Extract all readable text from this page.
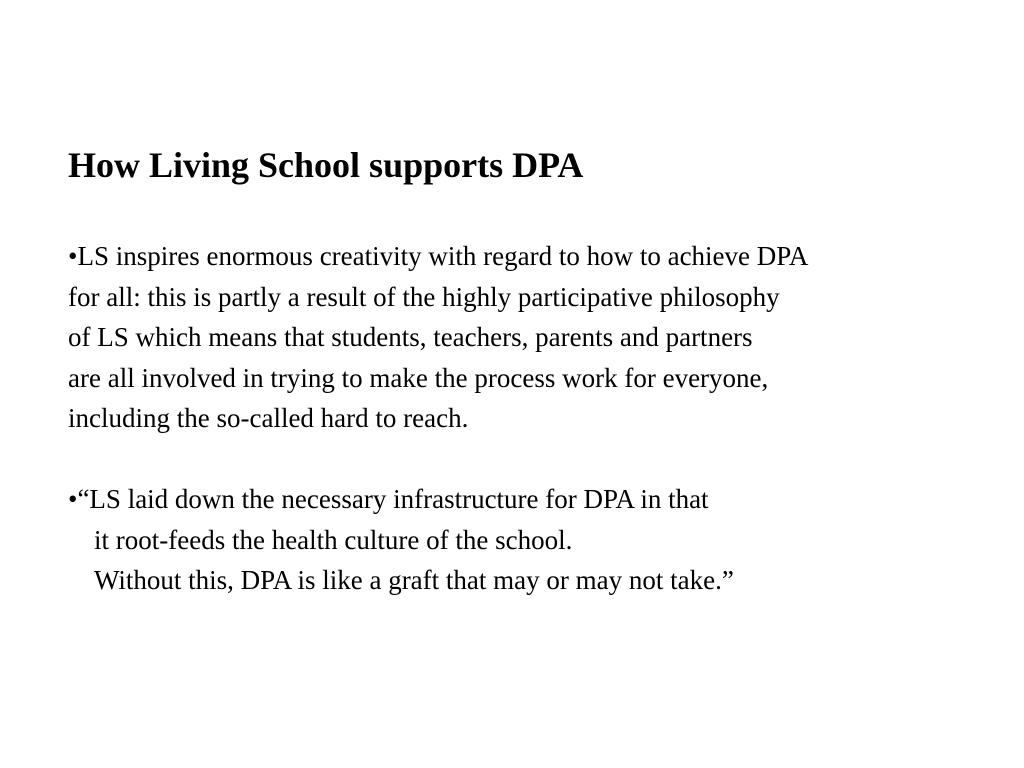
How Living School supports DPA
•LS inspires enormous creativity with regard to how to achieve DPA
for all: this is partly a result of the highly participative philosophy
of LS which means that students, teachers, parents and partners
are all involved in trying to make the process work for everyone,
including the so-called hard to reach.
•“LS laid down the necessary infrastructure for DPA in that
it root-feeds the health culture of the school.
Without this, DPA is like a graft that may or may not take.”
